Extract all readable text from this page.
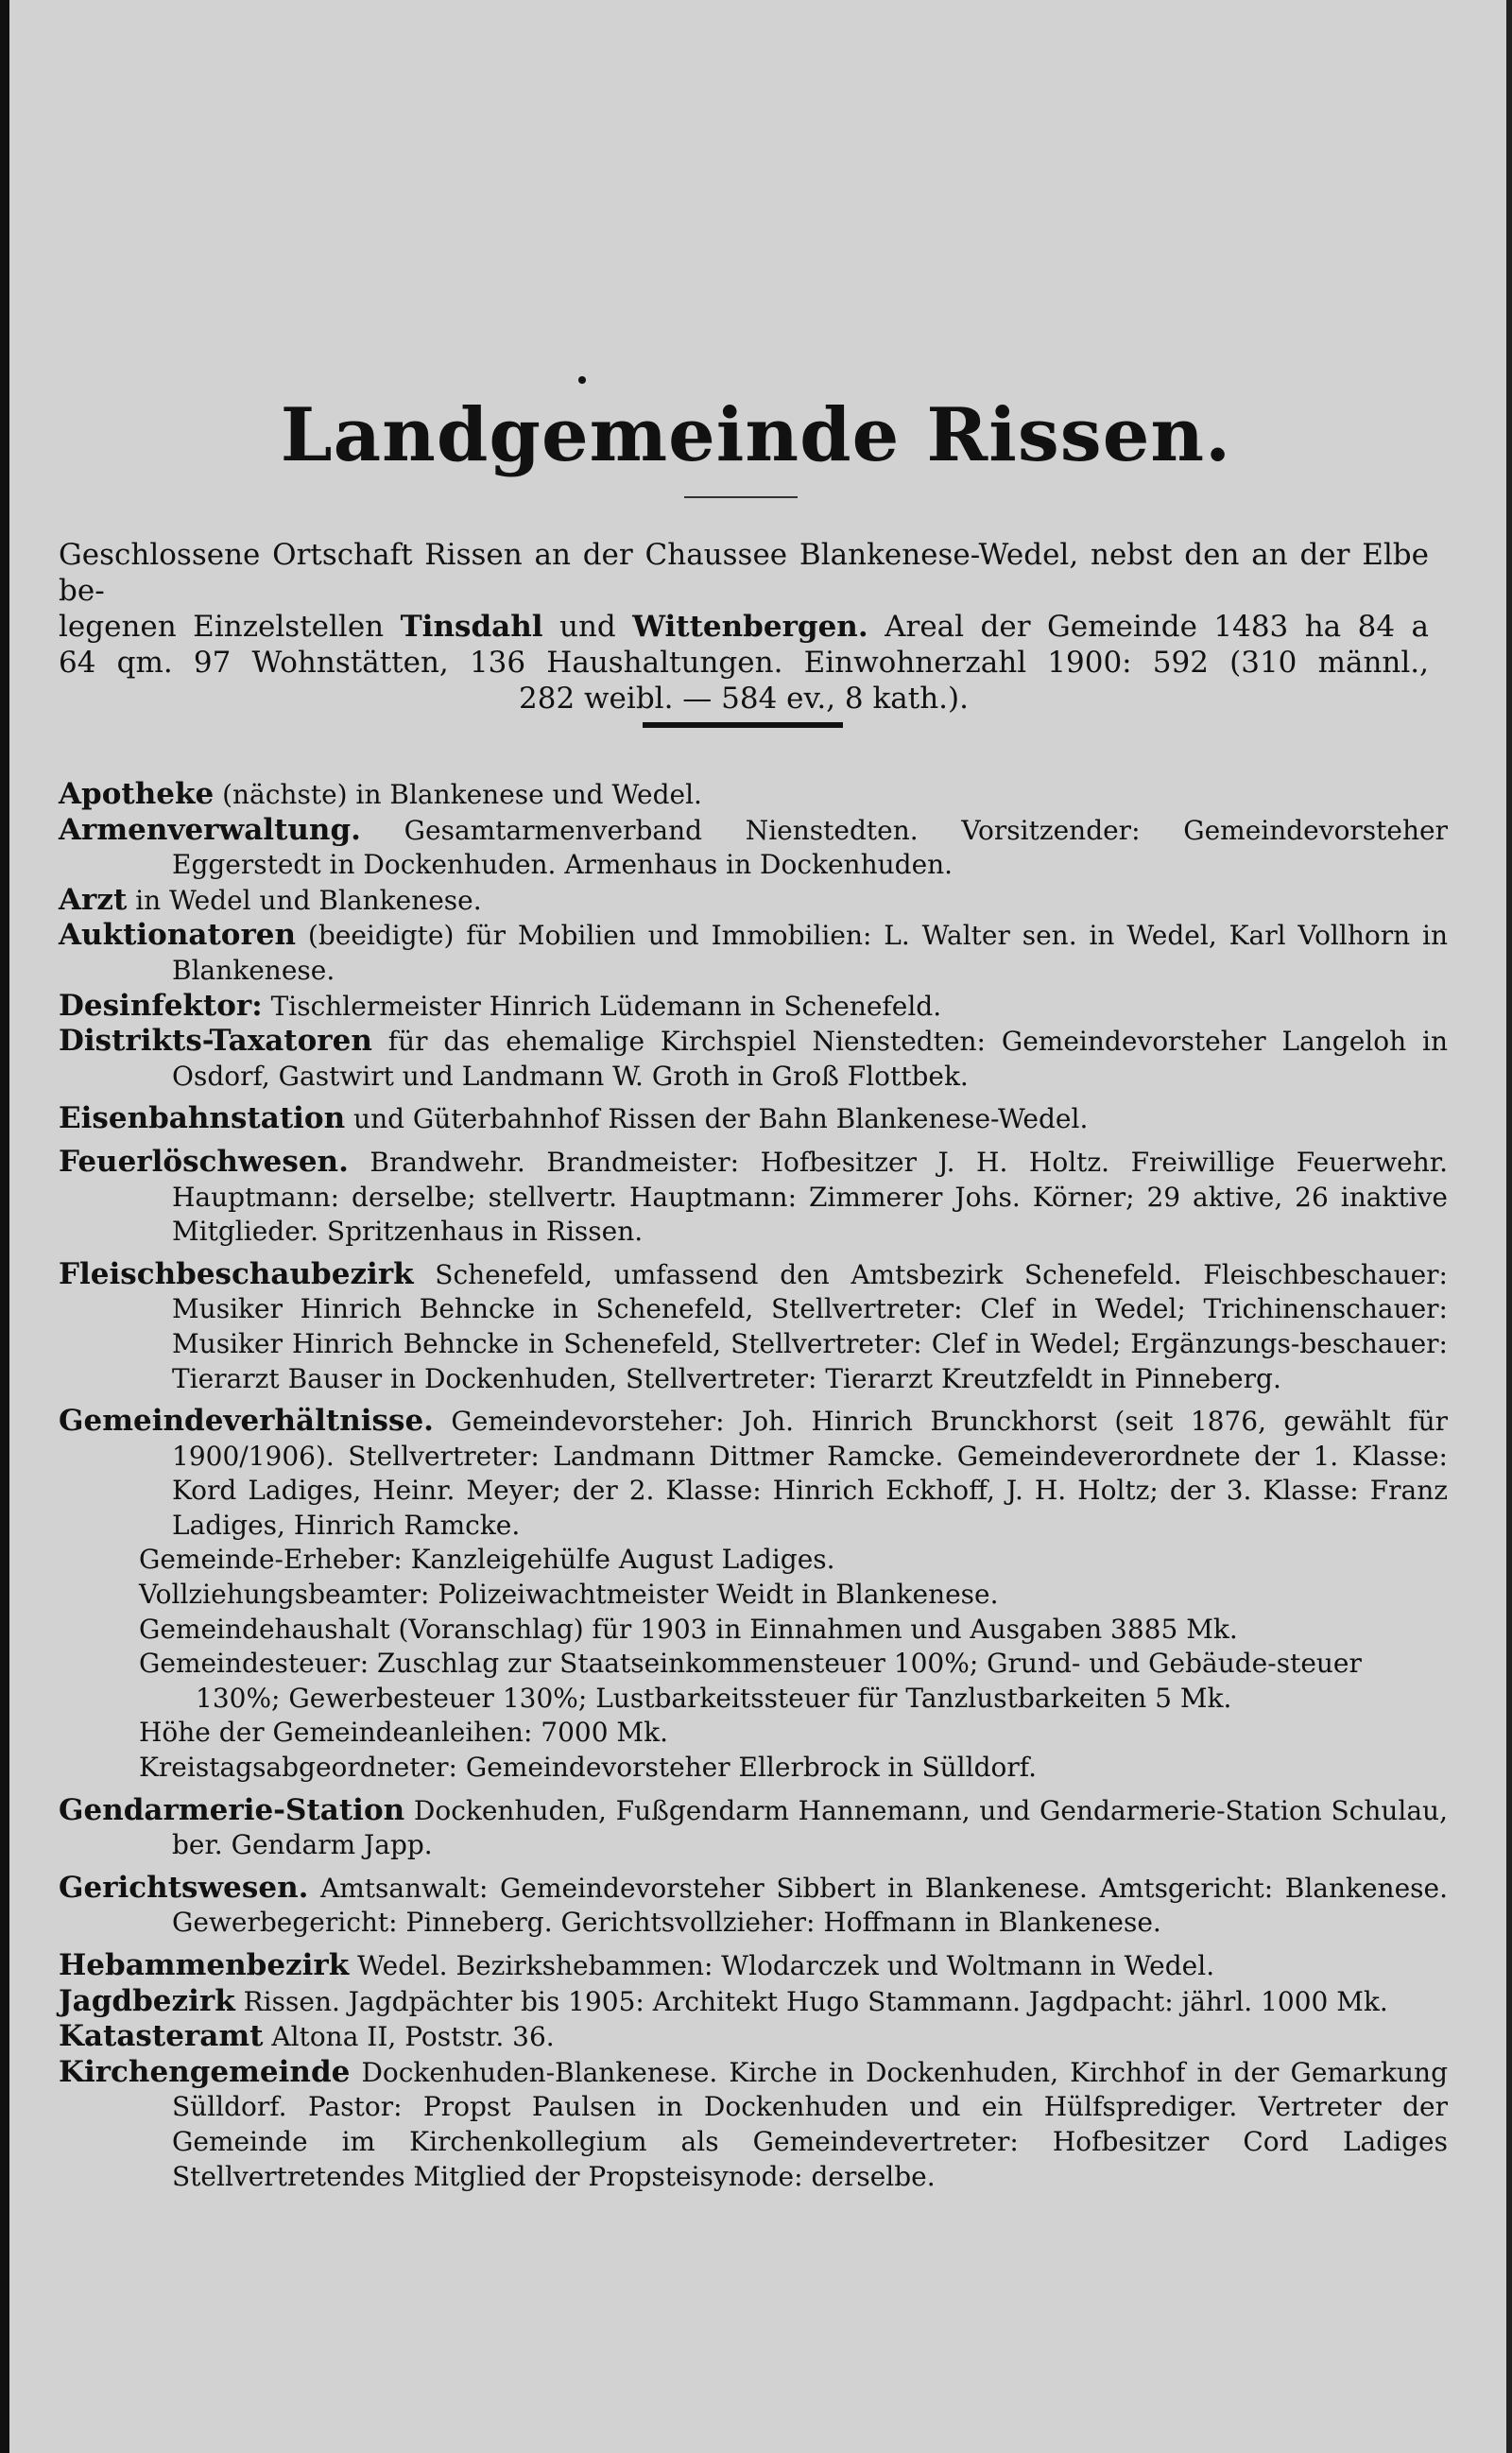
Landgemeinde Rissen.
Geschlossene Ortschaft Rissen an der Chaussee Blankenese-Wedel, nebst den an der Elbe be-
legenen Einzelstellen Tinsdahl und Wittenbergen. Areal der Gemeinde 1483 ha 84 a
64 qm. 97 Wohnstätten, 136 Haushaltungen. Einwohnerzahl 1900: 592 (310 männl.,
282 weibl. — 584 ev., 8 kath.).

Apotheke (nächste) in Blankenese und Wedel.

Armenverwaltung. Gesamtarmenverband Nienstedten. Vorsitzender: Gemeindevorsteher Eggerstedt in Dockenhuden. Armenhaus in Dockenhuden.

Arzt in Wedel und Blankenese.

Auktionatoren (beeidigte) für Mobilien und Immobilien: L. Walter sen. in Wedel, Karl Vollhorn in Blankenese.

Desinfektor: Tischlermeister Hinrich Lüdemann in Schenefeld.

Distrikts-Taxatoren für das ehemalige Kirchspiel Nienstedten: Gemeindevorsteher Langeloh in Osdorf, Gastwirt und Landmann W. Groth in Groß Flottbek.

Eisenbahnstation und Güterbahnhof Rissen der Bahn Blankenese-Wedel.

Feuerlöschwesen. Brandwehr. Brandmeister: Hofbesitzer J. H. Holtz. Freiwillige Feuerwehr. Hauptmann: derselbe; stellvertr. Hauptmann: Zimmerer Johs. Körner; 29 aktive, 26 inaktive Mitglieder. Spritzenhaus in Rissen.

Fleischbeschaubezirk Schenefeld, umfassend den Amtsbezirk Schenefeld. Fleischbeschauer: Musiker Hinrich Behncke in Schenefeld, Stellvertreter: Clef in Wedel; Trichinenschauer: Musiker Hinrich Behncke in Schenefeld, Stellvertreter: Clef in Wedel; Ergänzungs-beschauer: Tierarzt Bauser in Dockenhuden, Stellvertreter: Tierarzt Kreutzfeldt in Pinneberg.

Gemeindeverhältnisse. Gemeindevorsteher: Joh. Hinrich Brunckhorst (seit 1876, gewählt für 1900/1906). Stellvertreter: Landmann Dittmer Ramcke. Gemeindeverordnete der 1. Klasse: Kord Ladiges, Heinr. Meyer; der 2. Klasse: Hinrich Eckhoff, J. H. Holtz; der 3. Klasse: Franz Ladiges, Hinrich Ramcke.

Gemeinde-Erheber: Kanzleigehülfe August Ladiges.

Vollziehungsbeamter: Polizeiwachtmeister Weidt in Blankenese.

Gemeindehaushalt (Voranschlag) für 1903 in Einnahmen und Ausgaben 3885 Mk.

Gemeindesteuer: Zuschlag zur Staatseinkommensteuer 100%; Grund- und Gebäude-steuer 130%; Gewerbesteuer 130%; Lustbarkeitssteuer für Tanzlustbarkeiten 5 Mk.

Höhe der Gemeindeanleihen: 7000 Mk.

Kreistagsabgeordneter: Gemeindevorsteher Ellerbrock in Sülldorf.

Gendarmerie-Station Dockenhuden, Fußgendarm Hannemann, und Gendarmerie-Station Schulau, ber. Gendarm Japp.

Gerichtswesen. Amtsanwalt: Gemeindevorsteher Sibbert in Blankenese. Amtsgericht: Blankenese. Gewerbegericht: Pinneberg. Gerichtsvollzieher: Hoffmann in Blankenese.

Hebammenbezirk Wedel. Bezirkshebammen: Wlodarczek und Woltmann in Wedel.

Jagdbezirk Rissen. Jagdpächter bis 1905: Architekt Hugo Stammann. Jagdpacht: jährl. 1000 Mk.

Katasteramt Altona II, Poststr. 36.

Kirchengemeinde Dockenhuden-Blankenese. Kirche in Dockenhuden, Kirchhof in der Gemarkung Sülldorf. Pastor: Propst Paulsen in Dockenhuden und ein Hülfsprediger. Vertreter der Gemeinde im Kirchenkollegium als Gemeindevertreter: Hofbesitzer Cord Ladiges Stellvertretendes Mitglied der Propsteisynode: derselbe.
